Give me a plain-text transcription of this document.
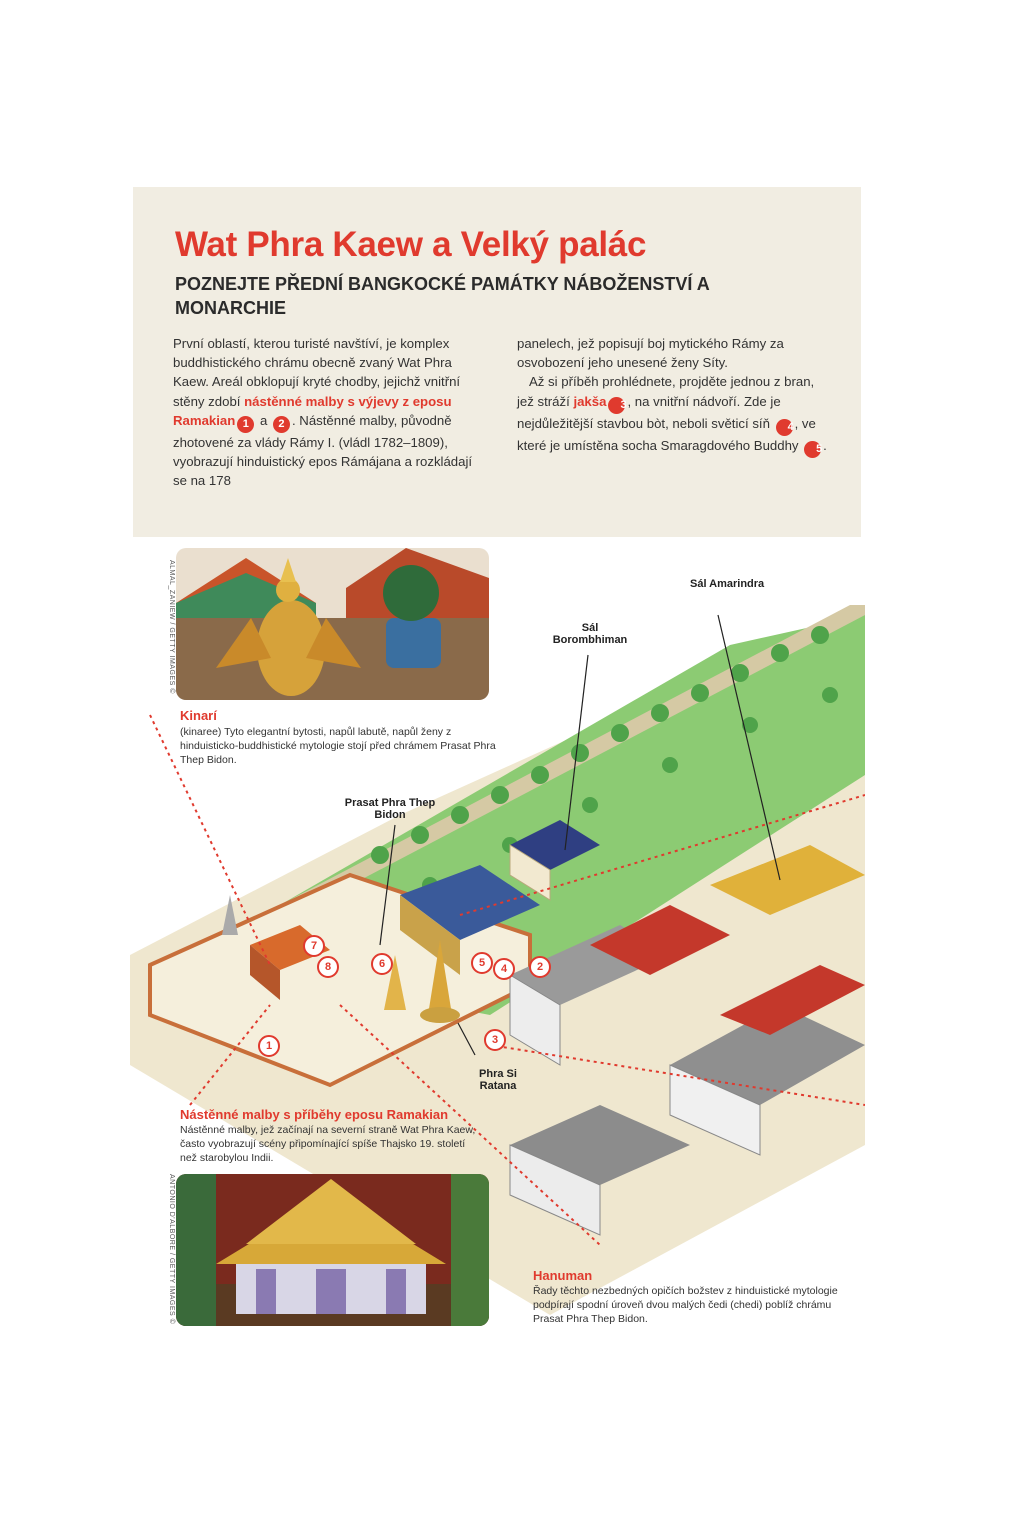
Wat Phra Kaew a Velký palác
POZNEJTE PŘEDNÍ BANGKOCKÉ PAMÁTKY NÁBOŽENSTVÍ A MONARCHIE

První oblastí, kterou turisté navštíví, je komplex buddhistického chrámu obecně zvaný Wat Phra Kaew. Areál obklopují kryté chodby, jejichž vnitřní stěny zdobí nástěnné malby s výjevy z eposu Ramakian 1 a 2 . Nástěnné malby, původně zhotovené za vlády Rámy I. (vládl 1782–1809), vyobrazují hinduistický epos Rámájana a rozkládají se na 178

panelech, jež popisují boj mytického Rámy za osvobození jeho unesené ženy Síty.

Až si příběh prohlédnete, projděte jednou z bran, jež stráží jakša 3, na vnitřní nádvoří. Zde je nejdůležitější stavbou bòt, neboli světicí síň 4, ve které je umístěna socha Smaragdového Buddhy 5.

Sál Amarindra
Sál Borombhiman
Prasat Phra Thep Bidon
Phra Si Ratana
1
2
3
4
5
6
7
8
ALMAL_ZANIEW / GETTY IMAGES ©
Kinarí
(kinaree) Tyto elegantní bytosti, napůl labutě, napůl ženy z hinduisticko-buddhistické mytologie stojí před chrámem Prasat Phra Thep Bidon.
Nástěnné malby s příběhy eposu Ramakian
Nástěnné malby, jež začínají na severní straně Wat Phra Kaew, často vyobrazují scény připomínající spíše Thajsko 19. století než starobylou Indii.
ANTONIO D'ALBORE / GETTY IMAGES ©	Hanuman
Řady těchto nezbedných opičích božstev z hinduistické mytologie podpírají spodní úroveň dvou malých čedi (chedi) poblíž chrámu Prasat Phra Thep Bidon.
